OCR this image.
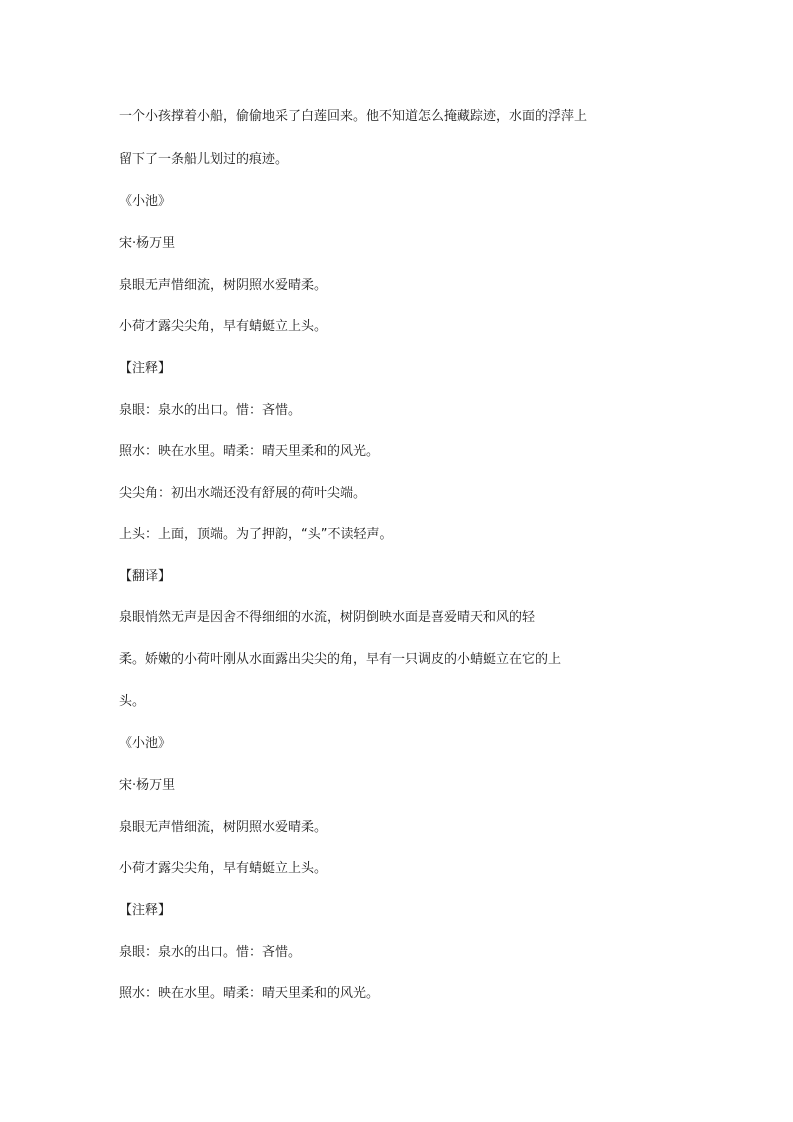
一个小孩撑着小船，偷偷地采了白莲回来。他不知道怎么掩藏踪迹，水面的浮萍上

留下了一条船儿划过的痕迹。

《小池》

宋·杨万里

泉眼无声惜细流，树阴照水爱晴柔。

小荷才露尖尖角，早有蜻蜓立上头。

【注释】

泉眼：泉水的出口。惜：吝惜。

照水：映在水里。晴柔：晴天里柔和的风光。

尖尖角：初出水端还没有舒展的荷叶尖端。

上头：上面，顶端。为了押韵，“头”不读轻声。

【翻译】

泉眼悄然无声是因舍不得细细的水流，树阴倒映水面是喜爱晴天和风的轻

柔。娇嫩的小荷叶刚从水面露出尖尖的角，早有一只调皮的小蜻蜓立在它的上

头。

《小池》

宋·杨万里

泉眼无声惜细流，树阴照水爱晴柔。

小荷才露尖尖角，早有蜻蜓立上头。

【注释】

泉眼：泉水的出口。惜：吝惜。

照水：映在水里。晴柔：晴天里柔和的风光。
